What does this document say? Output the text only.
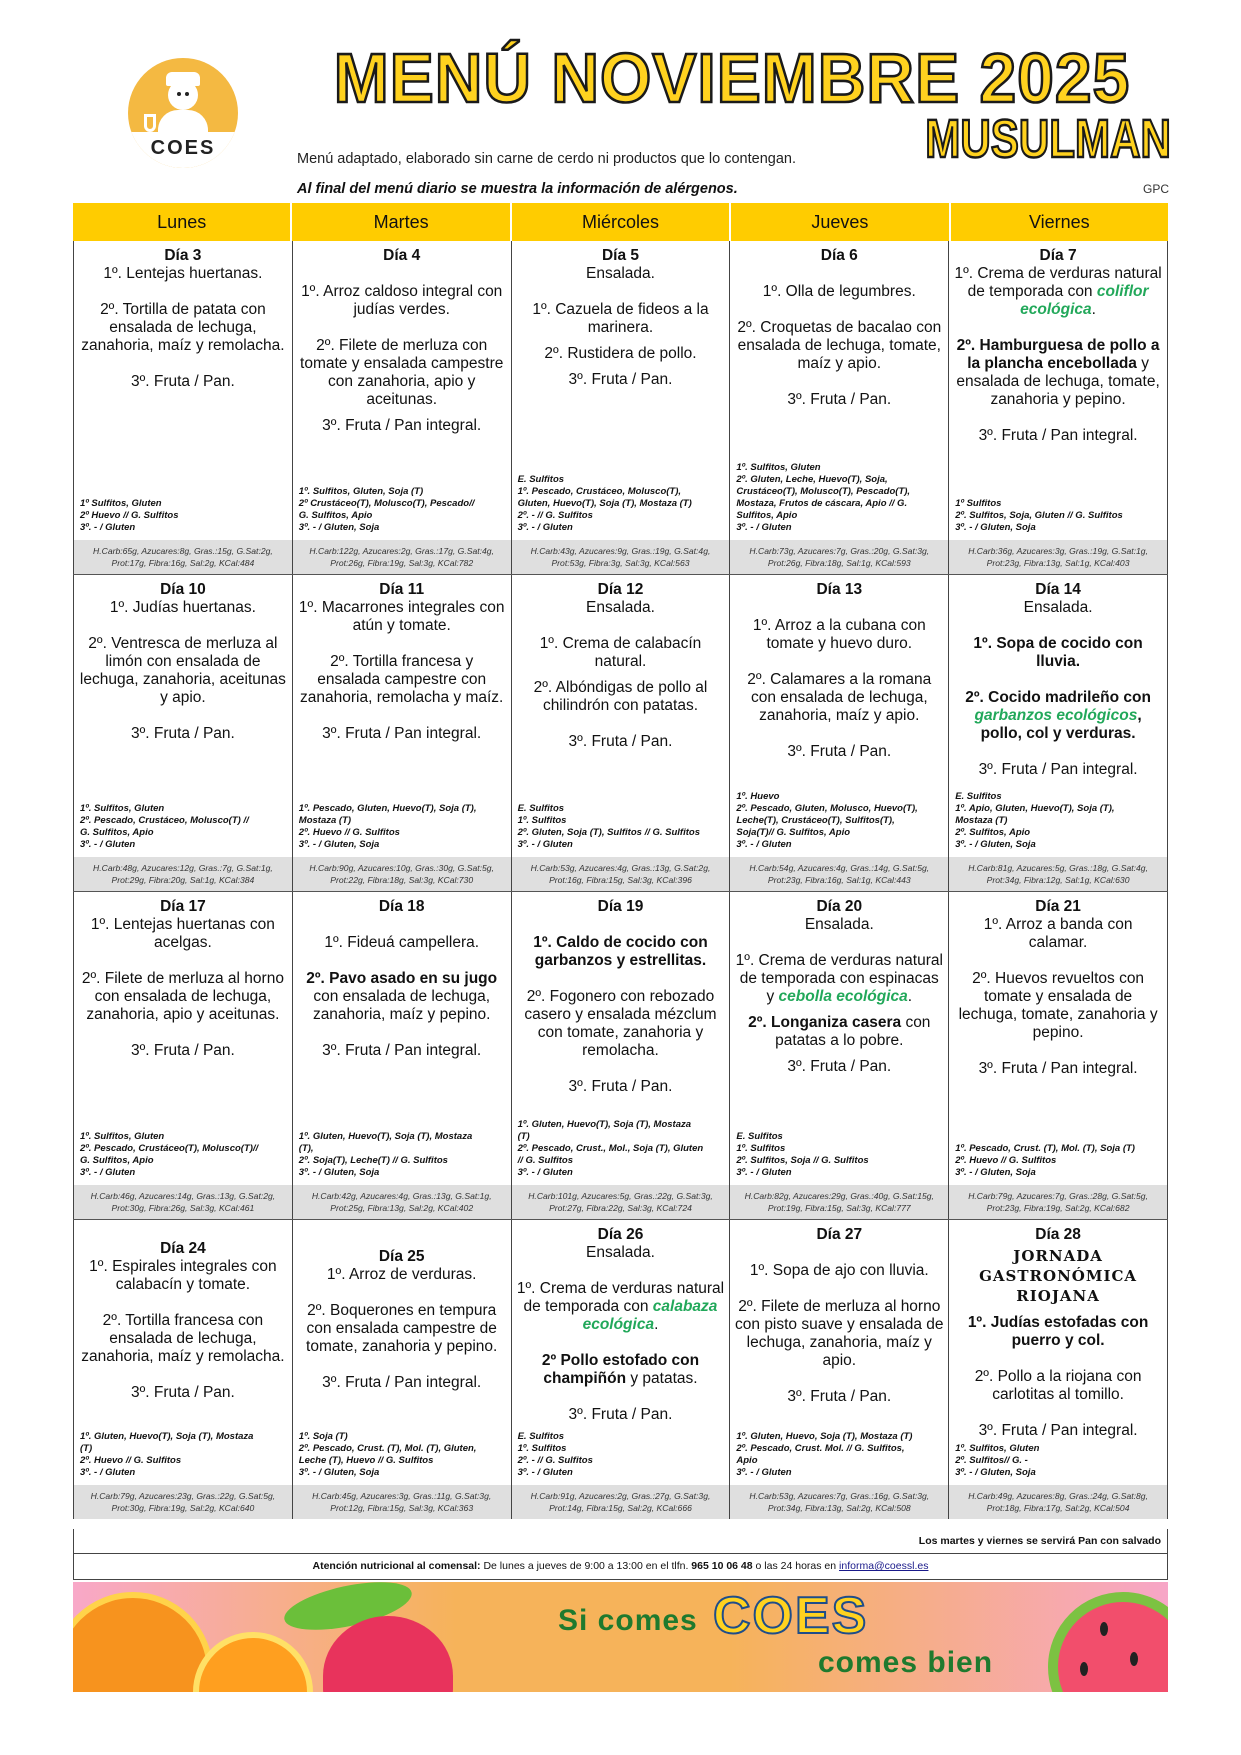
COES
MENÚ NOVIEMBRE 2025
MUSULMAN
Menú adaptado, elaborado sin carne de cerdo ni productos que lo contengan.
Al final del menú diario se muestra la información de alérgenos.	GPC
Lunes	Martes	Miércoles	Jueves	Viernes
Día 3
1º. Lentejas huertanas.
2º. Tortilla de patata con ensalada de lechuga, zanahoria, maíz y remolacha.
3º. Fruta / Pan.
1º Sulfitos, Gluten
2º Huevo // G. Sulfitos
3º. - / Gluten
H.Carb:65g, Azucares:8g, Gras.:15g, G.Sat:2g,
Prot:17g, Fibra:16g, Sal:2g, KCal:484
Día 4
1º. Arroz caldoso integral con judías verdes.
2º. Filete de merluza con tomate y ensalada campestre con zanahoria, apio y aceitunas.
3º. Fruta / Pan integral.
1º. Sulfitos, Gluten, Soja (T)
2º Crustáceo(T), Molusco(T), Pescado//
G. Sulfitos, Apio
3º. - / Gluten, Soja
H.Carb:122g, Azucares:2g, Gras.:17g, G.Sat:4g,
Prot:26g, Fibra:19g, Sal:3g, KCal:782
Día 5
Ensalada.
1º. Cazuela de fideos a la marinera.
2º. Rustidera de pollo.
3º. Fruta / Pan.
E. Sulfitos
1º. Pescado, Crustáceo, Molusco(T),
Gluten, Huevo(T), Soja (T), Mostaza (T)
2º. - // G. Sulfitos
3º. - / Gluten
H.Carb:43g, Azucares:9g, Gras.:19g, G.Sat:4g,
Prot:53g, Fibra:3g, Sal:3g, KCal:563
Día 6
1º. Olla de legumbres.
2º. Croquetas de bacalao con ensalada de lechuga, tomate, maíz y apio.
3º. Fruta / Pan.
1º. Sulfitos, Gluten
2º. Gluten, Leche, Huevo(T), Soja,
Crustáceo(T), Molusco(T), Pescado(T),
Mostaza, Frutos de cáscara, Apio // G.
Sulfitos, Apio
3º. - / Gluten
H.Carb:73g, Azucares:7g, Gras.:20g, G.Sat:3g,
Prot:26g, Fibra:18g, Sal:1g, KCal:593
Día 7
1º. Crema de verduras natural de temporada con coliflor ecológica.
2º. Hamburguesa de pollo a la plancha encebollada y ensalada de lechuga, tomate, zanahoria y pepino.
3º. Fruta / Pan integral.
1º Sulfitos
2º. Sulfitos, Soja, Gluten // G. Sulfitos
3º. - / Gluten, Soja
H.Carb:36g, Azucares:3g, Gras.:19g, G.Sat:1g,
Prot:23g, Fibra:13g, Sal:1g, KCal:403
Día 10
1º. Judías huertanas.
2º. Ventresca de merluza al limón con ensalada de lechuga, zanahoria, aceitunas y apio.
3º. Fruta / Pan.
1º. Sulfitos, Gluten
2º. Pescado, Crustáceo, Molusco(T) //
G. Sulfitos, Apio
3º. - / Gluten
H.Carb:48g, Azucares:12g, Gras.:7g, G.Sat:1g,
Prot:29g, Fibra:20g, Sal:1g, KCal:384
Día 11
1º. Macarrones integrales con atún y tomate.
2º. Tortilla francesa y ensalada campestre con zanahoria, remolacha y maíz.
3º. Fruta / Pan integral.
1º. Pescado, Gluten, Huevo(T), Soja (T),
Mostaza (T)
2º. Huevo // G. Sulfitos
3º. - / Gluten, Soja
H.Carb:90g, Azucares:10g, Gras.:30g, G.Sat:5g,
Prot:22g, Fibra:18g, Sal:3g, KCal:730
Día 12
Ensalada.
1º. Crema de calabacín natural.
2º. Albóndigas de pollo al chilindrón con patatas.
3º. Fruta / Pan.
E. Sulfitos
1º. Sulfitos
2º. Gluten, Soja (T), Sulfitos // G. Sulfitos
3º. - / Gluten
H.Carb:53g, Azucares:4g, Gras.:13g, G.Sat:2g,
Prot:16g, Fibra:15g, Sal:3g, KCal:396
Día 13
1º. Arroz a la cubana con tomate y huevo duro.
2º. Calamares a la romana con ensalada de lechuga, zanahoria, maíz y apio.
3º. Fruta / Pan.
1º. Huevo
2º. Pescado, Gluten, Molusco, Huevo(T),
Leche(T), Crustáceo(T), Sulfitos(T),
Soja(T)// G. Sulfitos, Apio
3º. - / Gluten
H.Carb:54g, Azucares:4g, Gras.:14g, G.Sat:5g,
Prot:23g, Fibra:16g, Sal:1g, KCal:443
Día 14
Ensalada.
1º. Sopa de cocido con lluvia.
2º. Cocido madrileño con garbanzos ecológicos, pollo, col y verduras.
3º. Fruta / Pan integral.
E. Sulfitos
1º. Apio, Gluten, Huevo(T), Soja (T),
Mostaza (T)
2º. Sulfitos, Apio
3º. - / Gluten, Soja
H.Carb:81g, Azucares:5g, Gras.:18g, G.Sat:4g,
Prot:34g, Fibra:12g, Sal:1g, KCal:630
Día 17
1º. Lentejas huertanas con acelgas.
2º. Filete de merluza al horno con ensalada de lechuga, zanahoria, apio y aceitunas.
3º. Fruta / Pan.
1º. Sulfitos, Gluten
2º. Pescado, Crustáceo(T), Molusco(T)//
G. Sulfitos, Apio
3º. - / Gluten
H.Carb:46g, Azucares:14g, Gras.:13g, G.Sat:2g,
Prot:30g, Fibra:26g, Sal:3g, KCal:461
Día 18
1º. Fideuá campellera.
2º. Pavo asado en su jugo con ensalada de lechuga, zanahoria, maíz y pepino.
3º. Fruta / Pan integral.
1º. Gluten, Huevo(T), Soja (T), Mostaza
(T),
2º. Soja(T), Leche(T) // G. Sulfitos
3º. - / Gluten, Soja
H.Carb:42g, Azucares:4g, Gras.:13g, G.Sat:1g,
Prot:25g, Fibra:13g, Sal:2g, KCal:402
Día 19
1º. Caldo de cocido con garbanzos y estrellitas.
2º. Fogonero con rebozado casero y ensalada mézclum con tomate, zanahoria y remolacha.
3º. Fruta / Pan.
1º. Gluten, Huevo(T), Soja (T), Mostaza
(T)
2º. Pescado, Crust., Mol., Soja (T), Gluten
// G. Sulfitos
3º. - / Gluten
H.Carb:101g, Azucares:5g, Gras.:22g, G.Sat:3g,
Prot:27g, Fibra:22g, Sal:3g, KCal:724
Día 20
Ensalada.
1º. Crema de verduras natural de temporada con espinacas y cebolla ecológica.
2º. Longaniza casera con patatas a lo pobre.
3º. Fruta / Pan.
E. Sulfitos
1º. Sulfitos
2º. Sulfitos, Soja // G. Sulfitos
3º. - / Gluten
H.Carb:82g, Azucares:29g, Gras.:40g, G.Sat:15g,
Prot:19g, Fibra:15g, Sal:3g, KCal:777
Día 21
1º. Arroz a banda con calamar.
2º. Huevos revueltos con tomate y ensalada de lechuga, tomate, zanahoria y pepino.
3º. Fruta / Pan integral.
1º. Pescado, Crust. (T), Mol. (T), Soja (T)
2º. Huevo // G. Sulfitos
3º. - / Gluten, Soja
H.Carb:79g, Azucares:7g, Gras.:28g, G.Sat:5g,
Prot:23g, Fibra:19g, Sal:2g, KCal:682
Día 24
1º. Espirales integrales con calabacín y tomate.
2º. Tortilla francesa con ensalada de lechuga, zanahoria, maíz y remolacha.
3º. Fruta / Pan.
1º. Gluten, Huevo(T), Soja (T), Mostaza
(T)
2º. Huevo // G. Sulfitos
3º. - / Gluten
H.Carb:79g, Azucares:23g, Gras.:22g, G.Sat:5g,
Prot:30g, Fibra:19g, Sal:2g, KCal:640
Día 25
1º. Arroz de verduras.
2º. Boquerones en tempura con ensalada campestre de tomate, zanahoria y pepino.
3º. Fruta / Pan integral.
1º. Soja (T)
2º. Pescado, Crust. (T), Mol. (T), Gluten,
Leche (T), Huevo // G. Sulfitos
3º. - / Gluten, Soja
H.Carb:45g, Azucares:3g, Gras.:11g, G.Sat:3g,
Prot:12g, Fibra:15g, Sal:3g, KCal:363
Día 26
Ensalada.
1º. Crema de verduras natural de temporada con calabaza ecológica.
2º Pollo estofado con champiñón y patatas.
3º. Fruta / Pan.
E. Sulfitos
1º. Sulfitos
2º. - // G. Sulfitos
3º. - / Gluten
H.Carb:91g, Azucares:2g, Gras.:27g, G.Sat:3g,
Prot:14g, Fibra:15g, Sal:2g, KCal:666
Día 27
1º. Sopa de ajo con lluvia.
2º. Filete de merluza al horno con pisto suave y ensalada de lechuga, zanahoria, maíz y apio.
3º. Fruta / Pan.
1º. Gluten, Huevo, Soja (T), Mostaza (T)
2º. Pescado, Crust. Mol. // G. Sulfitos,
Apio
3º. - / Gluten
H.Carb:53g, Azucares:7g, Gras.:16g, G.Sat:3g,
Prot:34g, Fibra:13g, Sal:2g, KCal:508
Día 28
JORNADA GASTRONÓMICA RIOJANA
1º. Judías estofadas con puerro y col.
2º. Pollo a la riojana con carlotitas al tomillo.
3º. Fruta / Pan integral.
1º. Sulfitos, Gluten
2º. Sulfitos// G. -
3º. - / Gluten, Soja
H.Carb:49g, Azucares:8g, Gras.:24g, G.Sat:8g,
Prot:18g, Fibra:17g, Sal:2g, KCal:504
Los martes y viernes se servirá Pan con salvado
Atención nutricional al comensal: De lunes a jueves de 9:00 a 13:00 en el tlfn. 965 10 06 48 o las 24 horas en informa@coessl.es
Si comes COES
comes bien
